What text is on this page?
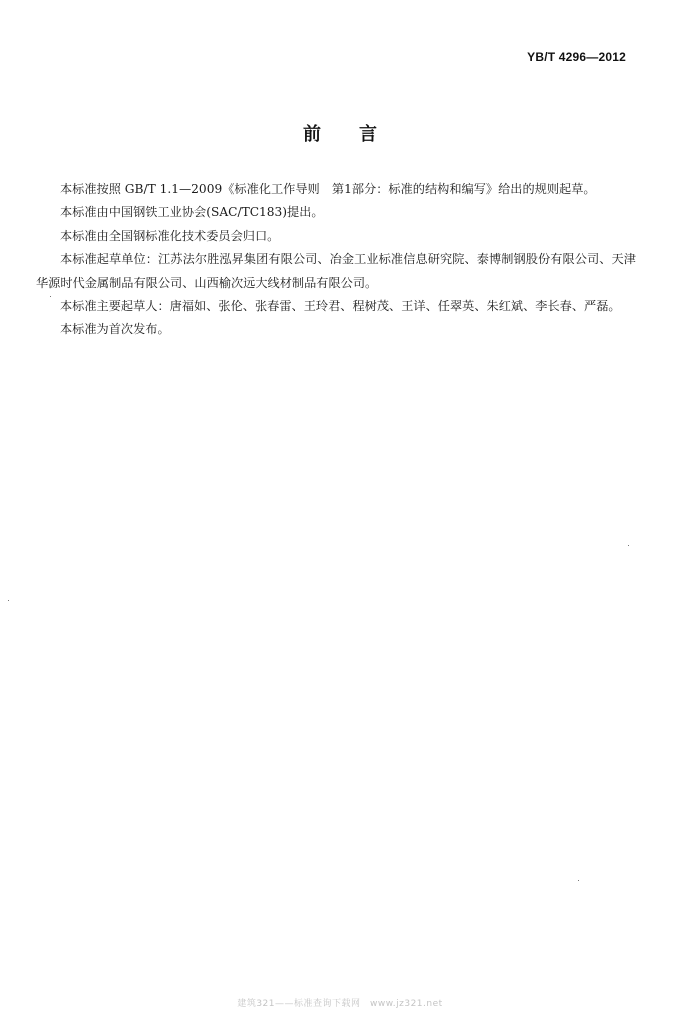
YB/T 4296—2012
前 言

本标准按照 GB/T 1.1—2009《标准化工作导则　第1部分：标准的结构和编写》给出的规则起草。

本标准由中国钢铁工业协会(SAC/TC183)提出。

本标准由全国钢标准化技术委员会归口。

本标准起草单位：江苏法尔胜泓昇集团有限公司、冶金工业标准信息研究院、泰博制钢股份有限公司、天津华源时代金属制品有限公司、山西榆次远大线材制品有限公司。

本标准主要起草人：唐福如、张伦、张春雷、王玲君、程树茂、王详、任翠英、朱红斌、李长春、严磊。

本标准为首次发布。

建筑321——标准查询下载网　www.jz321.net
